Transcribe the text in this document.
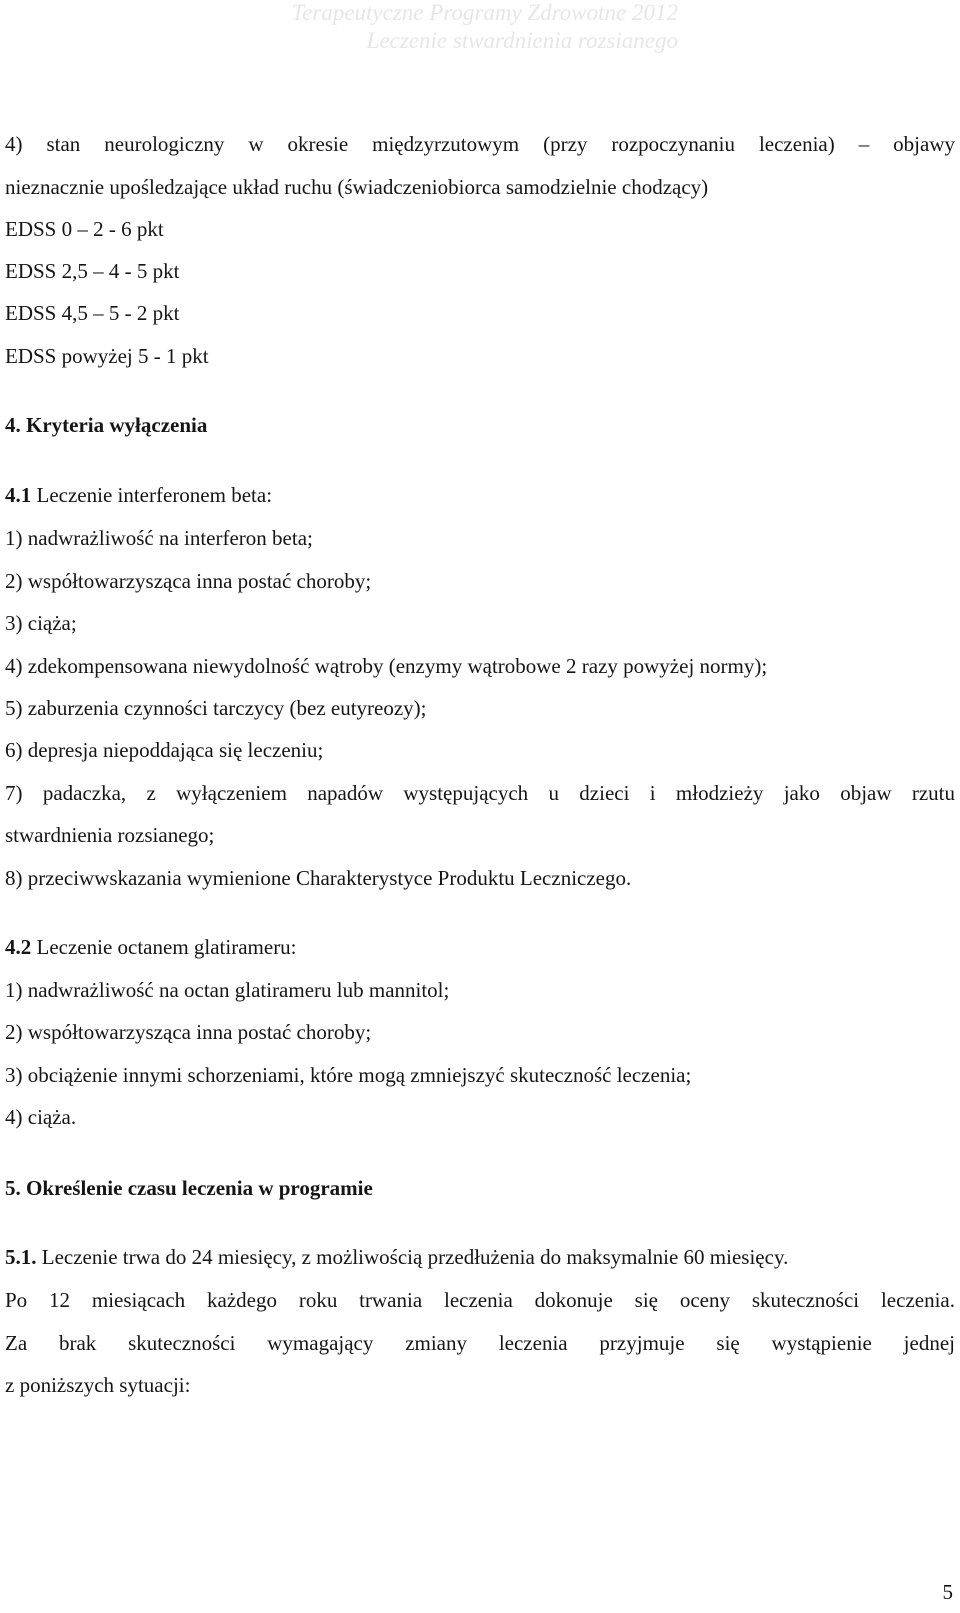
Terapeutyczne Programy Zdrowotne 2012
Leczenie stwardnienia rozsianego
4) stan neurologiczny w okresie międzyrzutowym (przy rozpoczynaniu leczenia) – objawy
nieznacznie upośledzające układ ruchu (świadczeniobiorca samodzielnie chodzący)
EDSS 0 – 2 - 6 pkt
EDSS 2,5 – 4 - 5 pkt
EDSS 4,5 – 5 - 2 pkt
EDSS powyżej 5 - 1 pkt
4. Kryteria wyłączenia
4.1 Leczenie interferonem beta:
1) nadwrażliwość na interferon beta;
2) współtowarzysząca inna postać choroby;
3) ciąża;
4) zdekompensowana niewydolność wątroby (enzymy wątrobowe 2 razy powyżej normy);
5) zaburzenia czynności tarczycy (bez eutyreozy);
6) depresja niepoddająca się leczeniu;
7) padaczka, z wyłączeniem napadów występujących u dzieci i młodzieży jako objaw rzutu
stwardnienia rozsianego;
8) przeciwwskazania wymienione Charakterystyce Produktu Leczniczego.
4.2 Leczenie octanem glatirameru:
1) nadwrażliwość na octan glatirameru lub mannitol;
2) współtowarzysząca inna postać choroby;
3) obciążenie innymi schorzeniami, które mogą zmniejszyć skuteczność leczenia;
4) ciąża.
5. Określenie czasu leczenia w programie
5.1. Leczenie trwa do 24 miesięcy, z możliwością przedłużenia do maksymalnie 60 miesięcy.
Po 12 miesiącach każdego roku trwania leczenia dokonuje się oceny skuteczności leczenia.
Za brak skuteczności wymagający zmiany leczenia przyjmuje się wystąpienie jednej
z poniższych sytuacji:
5
